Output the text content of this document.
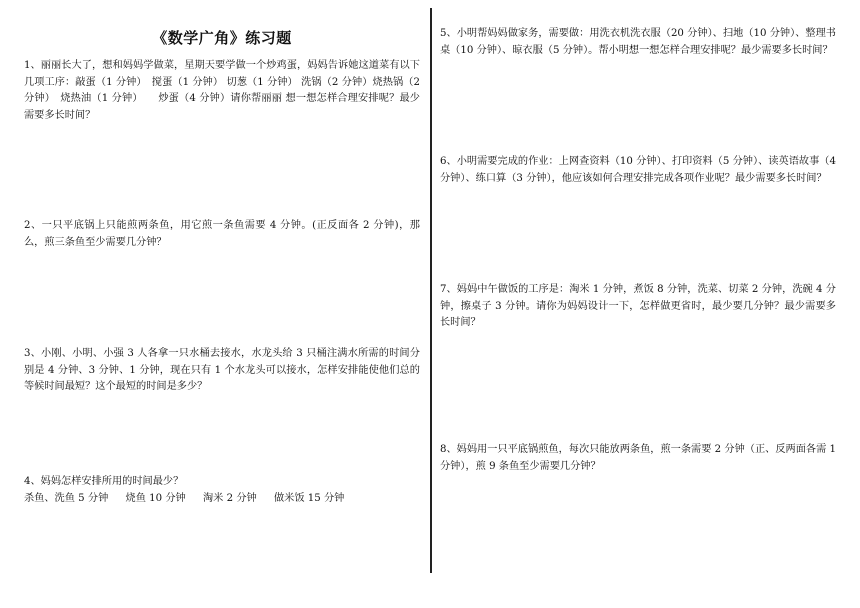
《数学广角》练习题

1、丽丽长大了，想和妈妈学做菜，星期天要学做一个炒鸡蛋，妈妈告诉她这道菜有以下几项工序：敲蛋（1 分钟）　搅蛋（1 分钟） 切葱（1 分钟） 洗锅（2 分钟）烧热锅（2 分钟）　烧热油（1 分钟）　　炒蛋（4 分钟）请你帮丽丽 想一想怎样合理安排呢？最少需要多长时间？

2、一只平底锅上只能煎两条鱼，用它煎一条鱼需要 4 分钟。(正反面各 2 分钟)，那么，煎三条鱼至少需要几分钟？

3、小刚、小明、小强 3 人各拿一只水桶去接水，水龙头给 3 只桶注满水所需的时间分别是 4 分钟、3 分钟、1 分钟，现在只有 1 个水龙头可以接水，怎样安排能使他们总的等候时间最短？这个最短的时间是多少？

4、妈妈怎样安排所用的时间最少？

杀鱼、洗鱼 5 分钟 烧鱼 10 分钟 淘米 2 分钟 做米饭 15 分钟

5、小明帮妈妈做家务，需要做：用洗衣机洗衣服（20 分钟）、扫地（10 分钟）、整理书桌（10 分钟）、晾衣服（5 分钟）。帮小明想一想怎样合理安排呢？最少需要多长时间？

6、小明需要完成的作业：上网查资料（10 分钟）、打印资料（5 分钟）、读英语故事（4 分钟）、练口算（3 分钟），他应该如何合理安排完成各项作业呢？最少需要多长时间？

7、妈妈中午做饭的工序是：淘米 1 分钟，煮饭 8 分钟，洗菜、切菜 2 分钟，洗碗 4 分钟，擦桌子 3 分钟。请你为妈妈设计一下，怎样做更省时，最少要几分钟？最少需要多长时间？

8、妈妈用一只平底锅煎鱼，每次只能放两条鱼，煎一条需要 2 分钟（正、反两面各需 1 分钟），煎 9 条鱼至少需要几分钟？
